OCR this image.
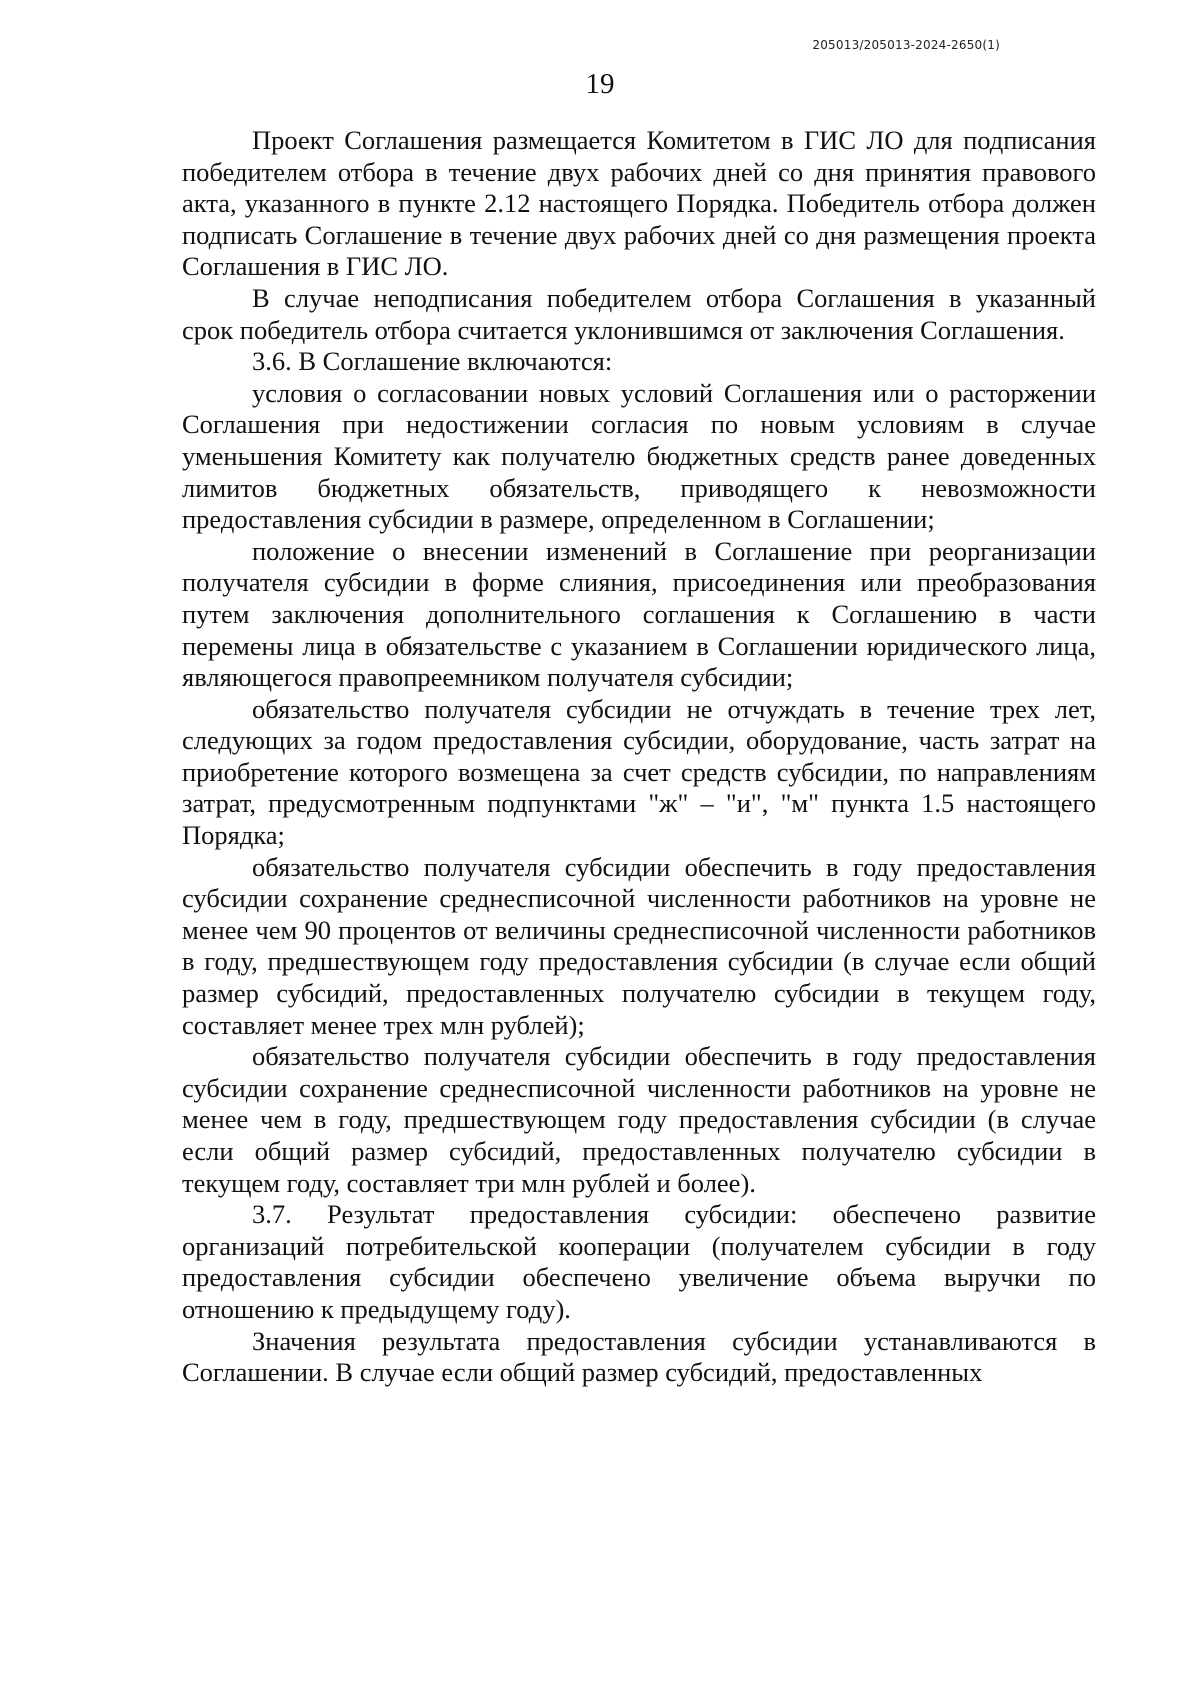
205013/205013-2024-2650(1)
19

Проект Соглашения размещается Комитетом в ГИС ЛО для подписания победителем отбора в течение двух рабочих дней со дня принятия правового акта, указанного в пункте 2.12 настоящего Порядка. Победитель отбора должен подписать Соглашение в течение двух рабочих дней со дня размещения проекта Соглашения в ГИС ЛО.

В случае неподписания победителем отбора Соглашения в указанный срок победитель отбора считается уклонившимся от заключения Соглашения.

3.6. В Соглашение включаются:

условия о согласовании новых условий Соглашения или о расторжении Соглашения при недостижении согласия по новым условиям в случае уменьшения Комитету как получателю бюджетных средств ранее доведенных лимитов бюджетных обязательств, приводящего к невозможности предоставления субсидии в размере, определенном в Соглашении;

положение о внесении изменений в Соглашение при реорганизации получателя субсидии в форме слияния, присоединения или преобразования путем заключения дополнительного соглашения к Соглашению в части перемены лица в обязательстве с указанием в Соглашении юридического лица, являющегося правопреемником получателя субсидии;

обязательство получателя субсидии не отчуждать в течение трех лет, следующих за годом предоставления субсидии, оборудование, часть затрат на приобретение которого возмещена за счет средств субсидии, по направлениям затрат, предусмотренным подпунктами "ж" – "и", "м" пункта 1.5 настоящего Порядка;

обязательство получателя субсидии обеспечить в году предоставления субсидии сохранение среднесписочной численности работников на уровне не менее чем 90 процентов от величины среднесписочной численности работников в году, предшествующем году предоставления субсидии (в случае если общий размер субсидий, предоставленных получателю субсидии в текущем году, составляет менее трех млн рублей);

обязательство получателя субсидии обеспечить в году предоставления субсидии сохранение среднесписочной численности работников на уровне не менее чем в году, предшествующем году предоставления субсидии (в случае если общий размер субсидий, предоставленных получателю субсидии в текущем году, составляет три млн рублей и более).

3.7. Результат предоставления субсидии: обеспечено развитие организаций потребительской кооперации (получателем субсидии в году предоставления субсидии обеспечено увеличение объема выручки по отношению к предыдущему году).

Значения результата предоставления субсидии устанавливаются в Соглашении. В случае если общий размер субсидий, предоставленных
